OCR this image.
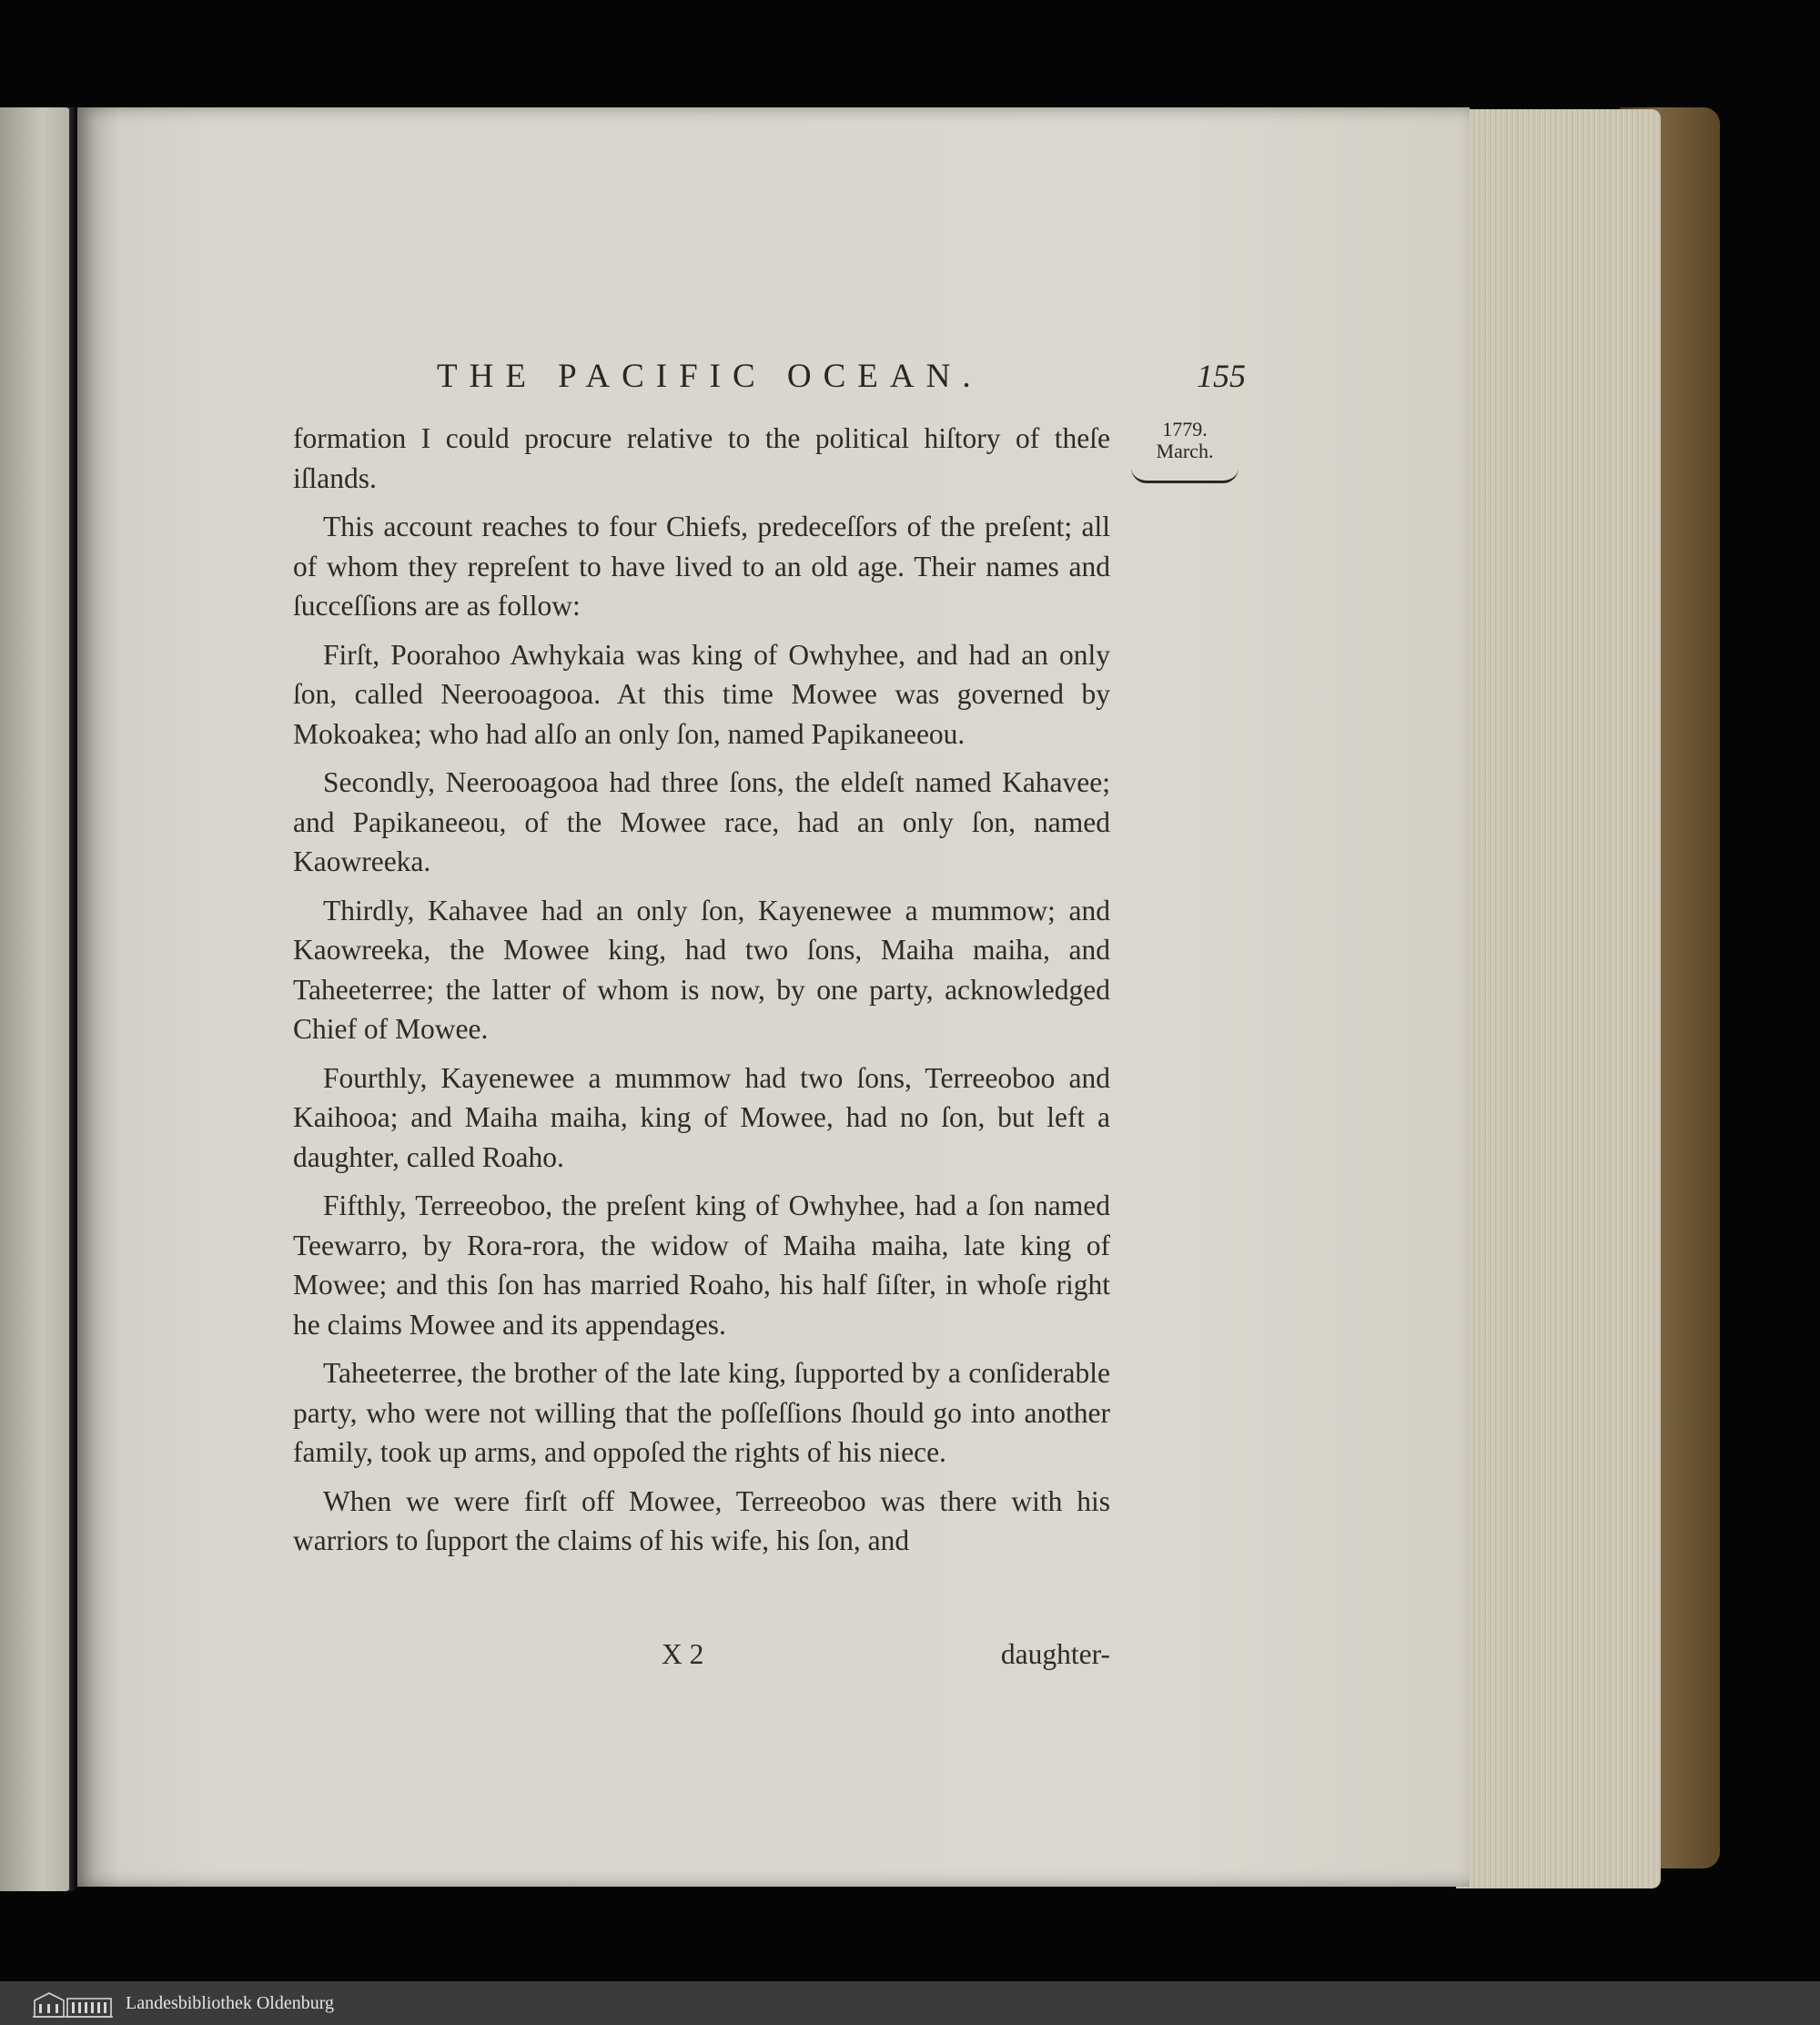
THE PACIFIC OCEAN.	155
1779.
March.

formation I could procure relative to the political hiſtory of theſe iſlands.

This account reaches to four Chiefs, predeceſſors of the preſent; all of whom they repreſent to have lived to an old age. Their names and ſucceſſions are as follow:

Firſt, Poorahoo Awhykaia was king of Owhyhee, and had an only ſon, called Neerooagooa. At this time Mowee was governed by Mokoakea; who had alſo an only ſon, named Papikaneeou.

Secondly, Neerooagooa had three ſons, the eldeſt named Kahavee; and Papikaneeou, of the Mowee race, had an only ſon, named Kaowreeka.

Thirdly, Kahavee had an only ſon, Kayenewee a mummow; and Kaowreeka, the Mowee king, had two ſons, Maiha maiha, and Taheeterree; the latter of whom is now, by one party, acknowledged Chief of Mowee.

Fourthly, Kayenewee a mummow had two ſons, Terreeoboo and Kaihooa; and Maiha maiha, king of Mowee, had no ſon, but left a daughter, called Roaho.

Fifthly, Terreeoboo, the preſent king of Owhyhee, had a ſon named Teewarro, by Rora-rora, the widow of Maiha maiha, late king of Mowee; and this ſon has married Roaho, his half ſiſter, in whoſe right he claims Mowee and its appendages.

Taheeterree, the brother of the late king, ſupported by a conſiderable party, who were not willing that the poſſeſſions ſhould go into another family, took up arms, and oppoſed the rights of his niece.

When we were firſt off Mowee, Terreeoboo was there with his warriors to ſupport the claims of his wife, his ſon, and

X 2	daughter-
Landesbibliothek Oldenburg
